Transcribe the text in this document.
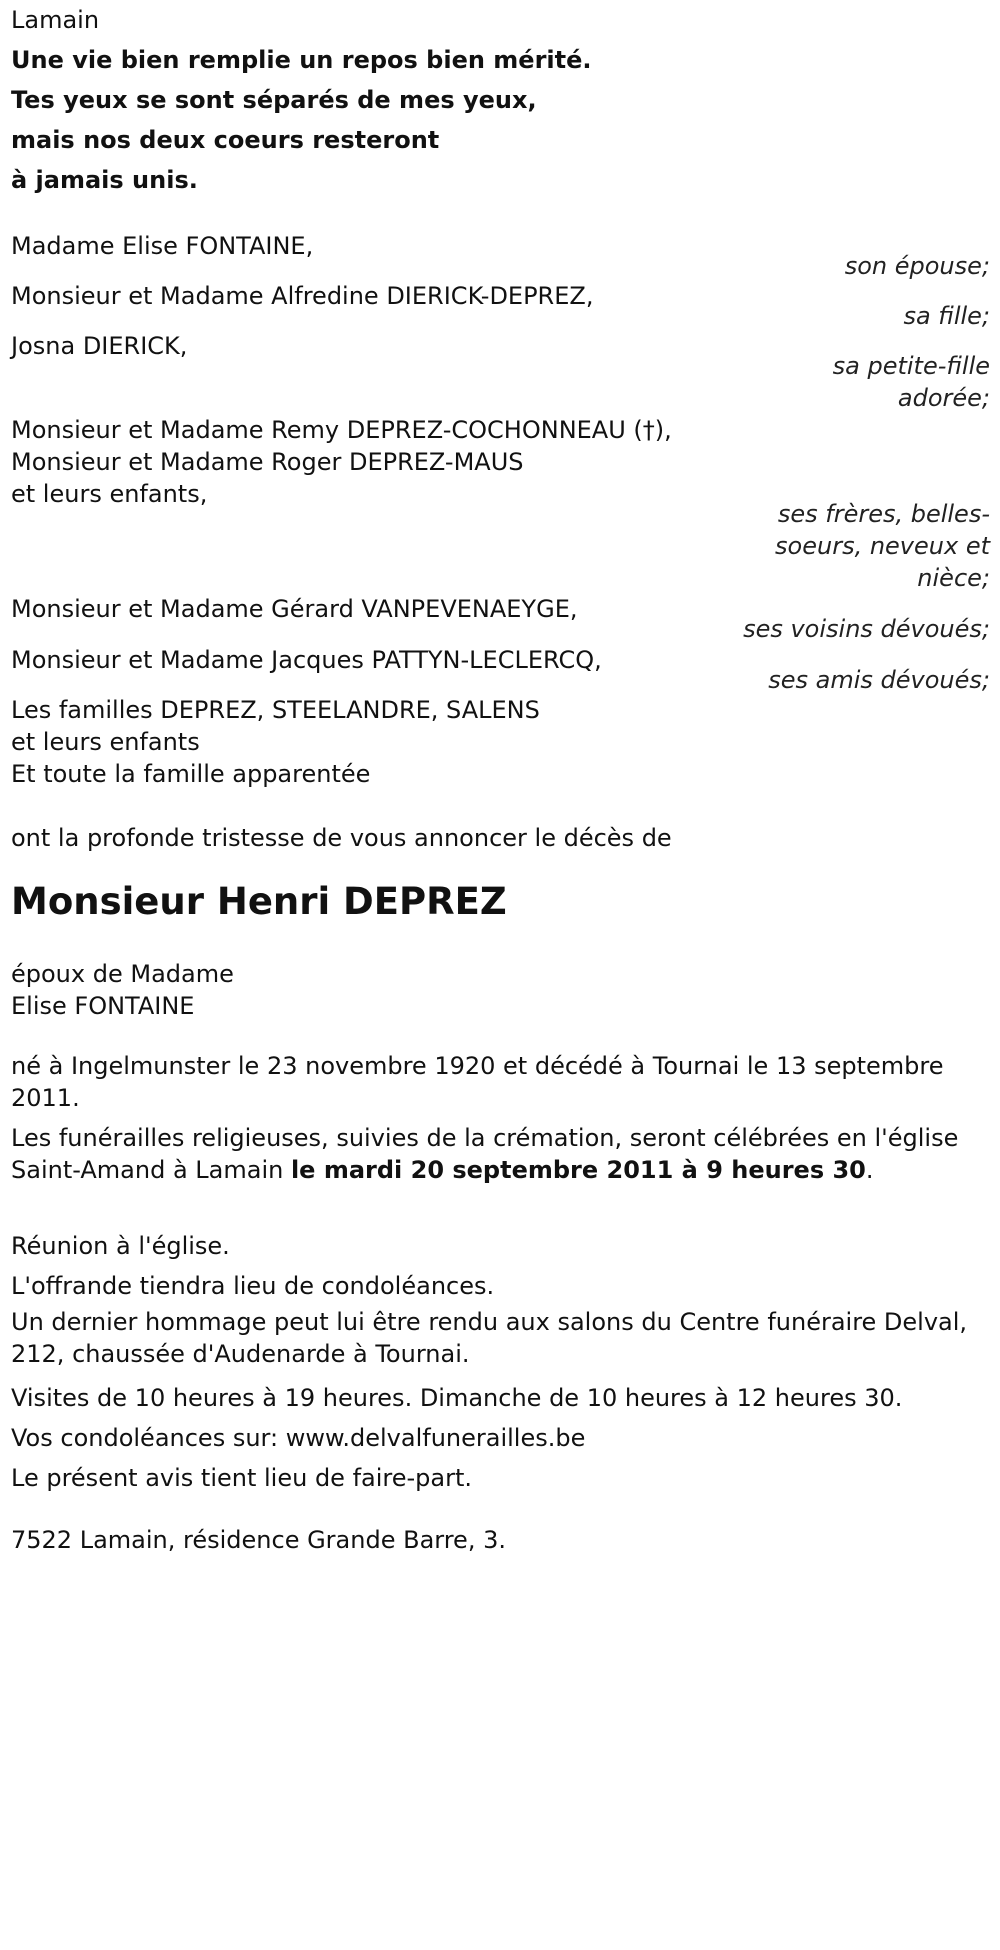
Lamain
Une vie bien remplie un repos bien mérité.
Tes yeux se sont séparés de mes yeux,
mais nos deux coeurs resteront
à jamais unis.
Madame Elise FONTAINE,
son épouse;
Monsieur et Madame Alfredine DIERICK-DEPREZ,
sa fille;
Josna DIERICK,
sa petite-fille
adorée;
Monsieur et Madame Remy DEPREZ-COCHONNEAU (†),
Monsieur et Madame Roger DEPREZ-MAUS
et leurs enfants,
ses frères, belles-
soeurs, neveux et
nièce;
Monsieur et Madame Gérard VANPEVENAEYGE,
ses voisins dévoués;
Monsieur et Madame Jacques PATTYN-LECLERCQ,
ses amis dévoués;
Les familles DEPREZ, STEELANDRE, SALENS
et leurs enfants
Et toute la famille apparentée
ont la profonde tristesse de vous annoncer le décès de
Monsieur Henri DEPREZ
époux de Madame
Elise FONTAINE
né à Ingelmunster le 23 novembre 1920 et décédé à Tournai le 13 septembre 2011.
Les funérailles religieuses, suivies de la crémation, seront célébrées en l'église Saint-Amand à Lamain le mardi 20 septembre 2011 à 9 heures 30.
Réunion à l'église.
L'offrande tiendra lieu de condoléances.
Un dernier hommage peut lui être rendu aux salons du Centre funéraire Delval, 212, chaussée d'Audenarde à Tournai.
Visites de 10 heures à 19 heures. Dimanche de 10 heures à 12 heures 30.
Vos condoléances sur: www.delvalfunerailles.be
Le présent avis tient lieu de faire-part.
7522 Lamain, résidence Grande Barre, 3.
